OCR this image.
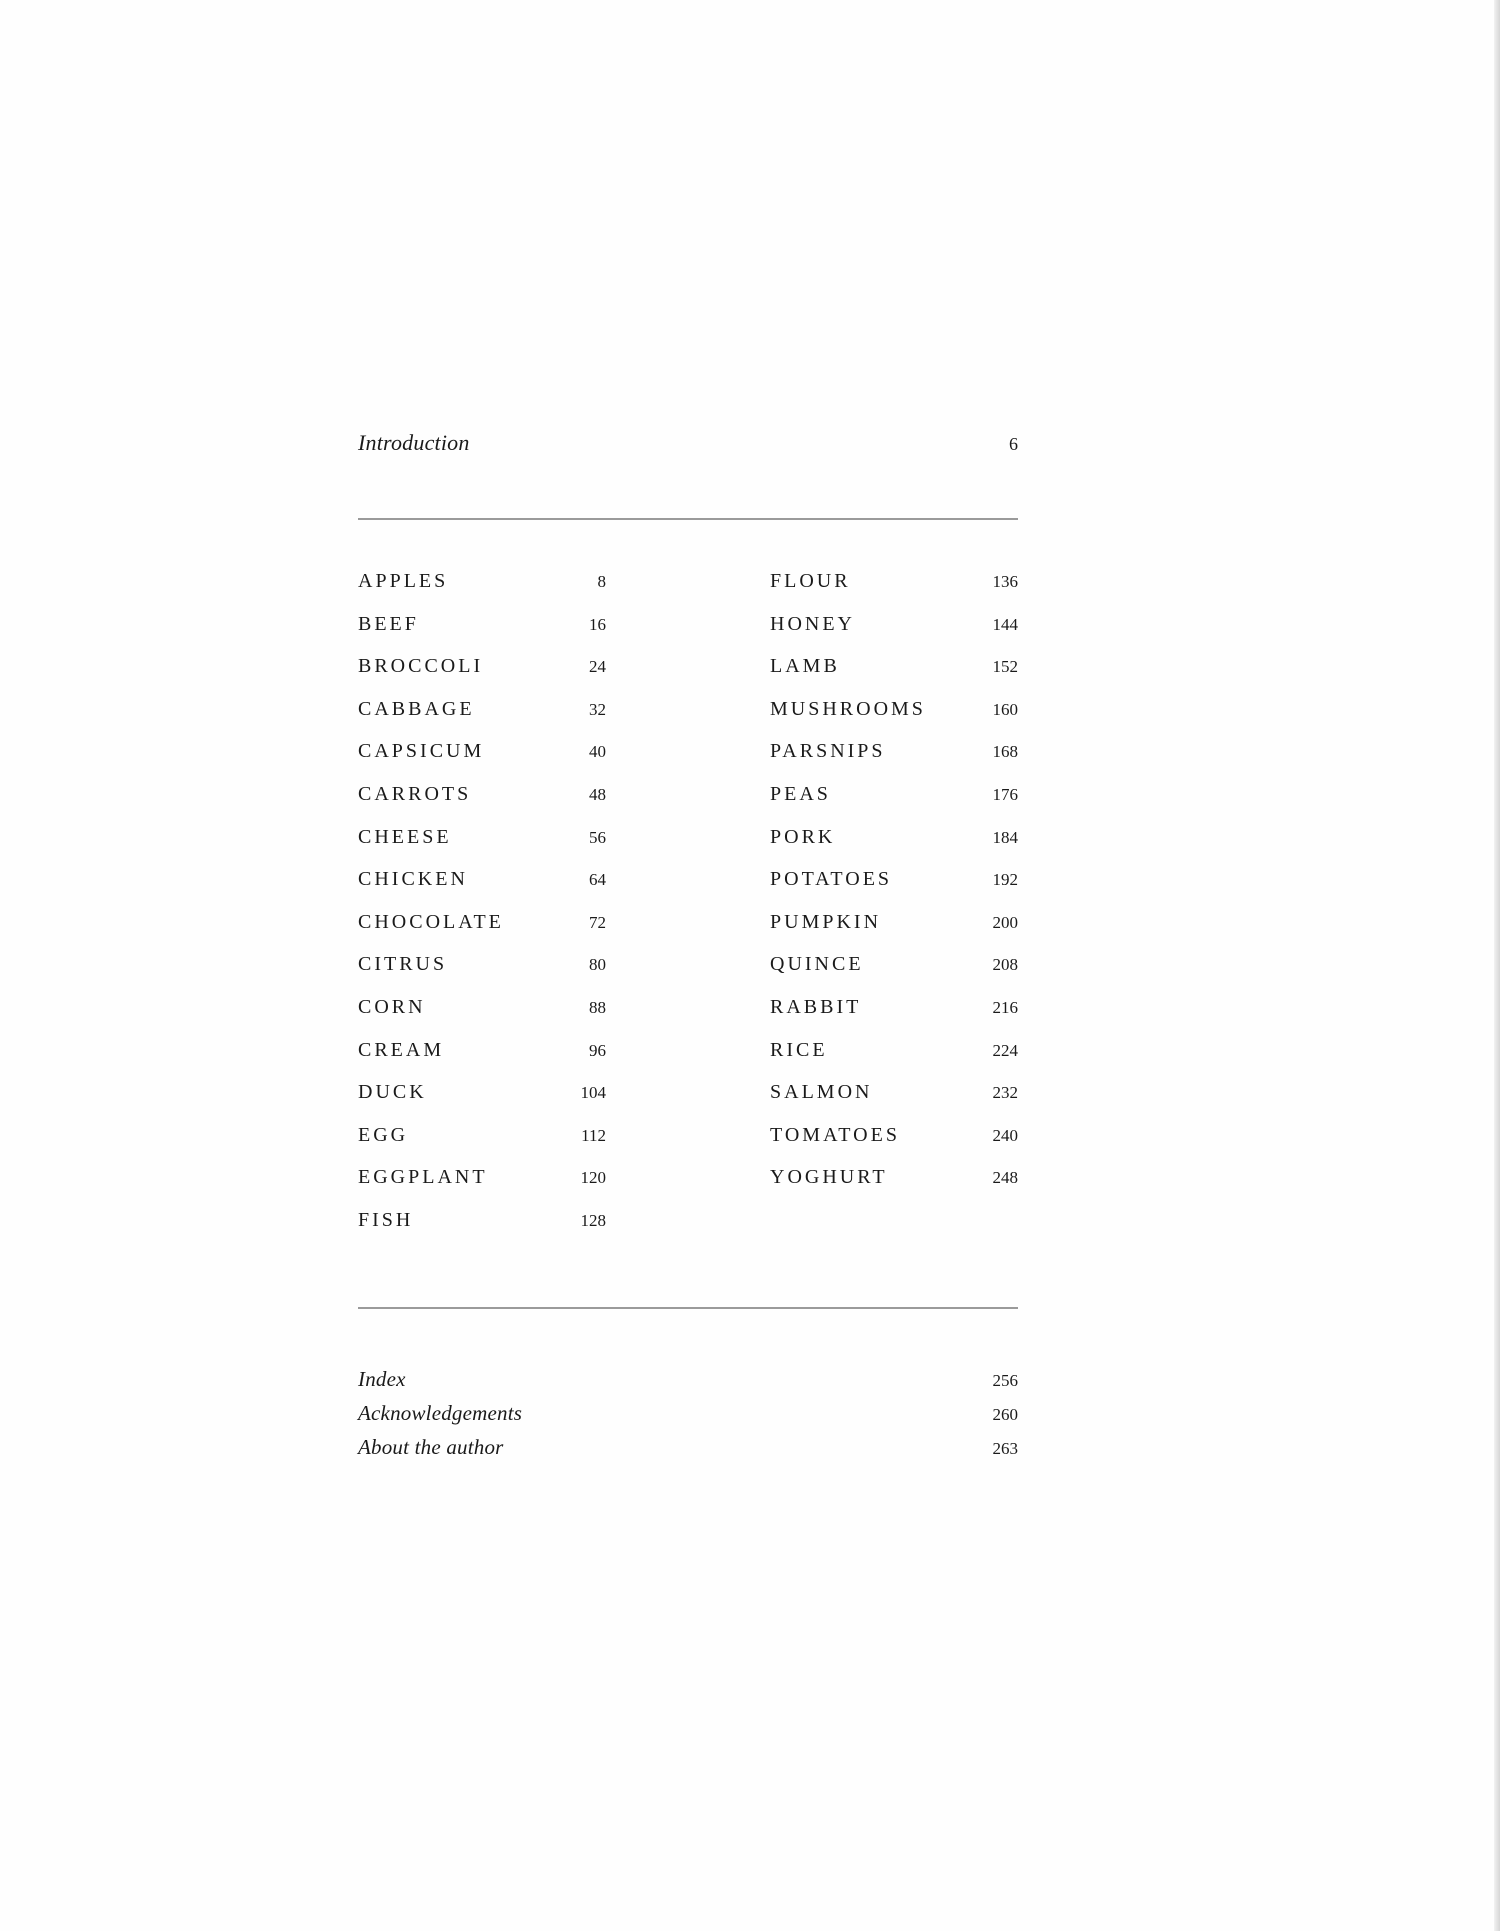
Introduction	6
APPLES	8
BEEF	16
BROCCOLI	24
CABBAGE	32
CAPSICUM	40
CARROTS	48
CHEESE	56
CHICKEN	64
CHOCOLATE	72
CITRUS	80
CORN	88
CREAM	96
DUCK	104
EGG	112
EGGPLANT	120
FISH	128
FLOUR	136
HONEY	144
LAMB	152
MUSHROOMS	160
PARSNIPS	168
PEAS	176
PORK	184
POTATOES	192
PUMPKIN	200
QUINCE	208
RABBIT	216
RICE	224
SALMON	232
TOMATOES	240
YOGHURT	248
Index	256
Acknowledgements	260
About the author	263
